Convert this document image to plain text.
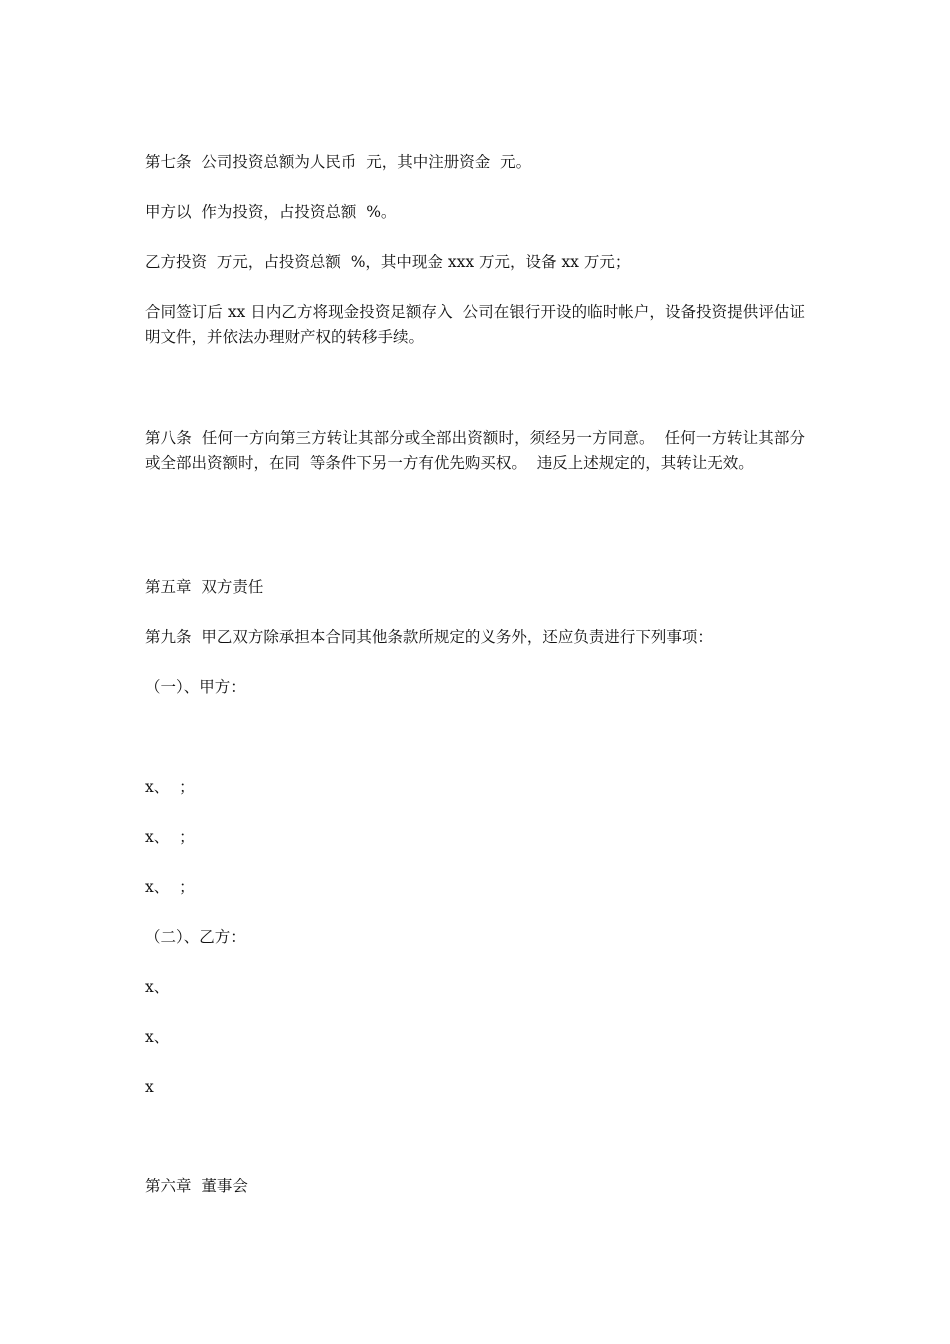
第七条  公司投资总额为人民币  元，其中注册资金  元。

甲方以  作为投资，占投资总额  %。

乙方投资  万元，占投资总额  %，其中现金 xxx 万元，设备 xx 万元；

合同签订后 xx 日内乙方将现金投资足额存入  公司在银行开设的临时帐户，设备投资提供评估证明文件，并依法办理财产权的转移手续。

第八条  任何一方向第三方转让其部分或全部出资额时，须经另一方同意。  任何一方转让其部分或全部出资额时，在同  等条件下另一方有优先购买权。  违反上述规定的，其转让无效。

第五章  双方责任

第九条  甲乙双方除承担本合同其他条款所规定的义务外，还应负责进行下列事项：

（一）、甲方：

x、  ；

x、  ；

x、  ；

（二）、乙方：

x、

x、

x

第六章  董事会
